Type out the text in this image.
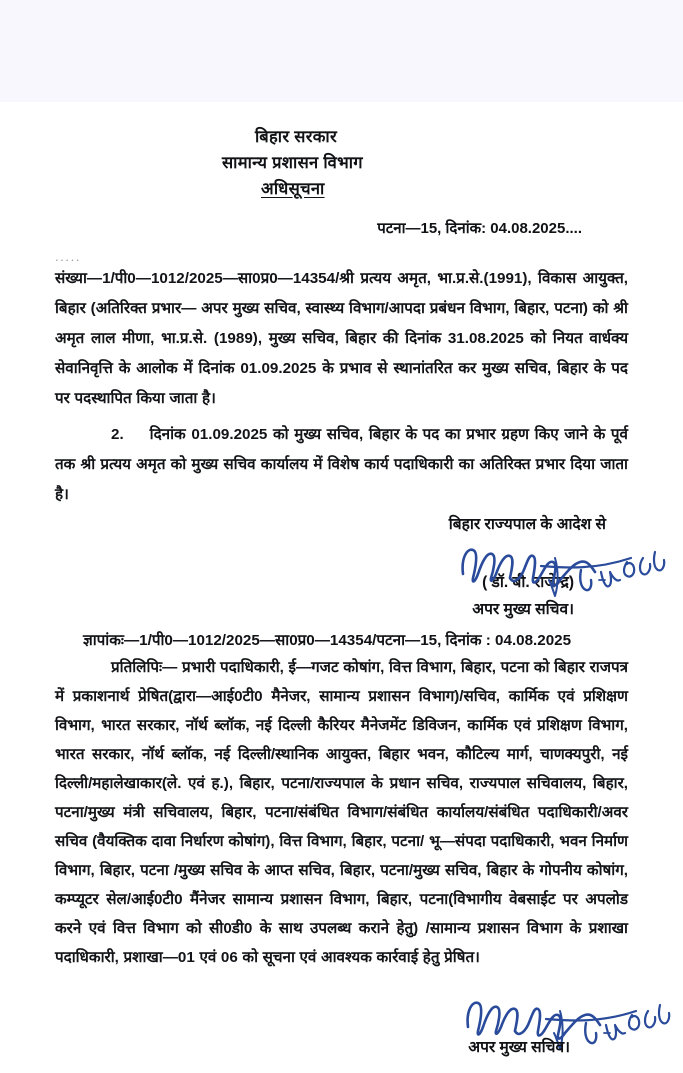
बिहार सरकार
सामान्य प्रशासन विभाग
अधिसूचना
पटना—15, दिनांक: 04.08.2025....
.....

संख्या—1/पी0—1012/2025—सा0प्र0—14354/श्री प्रत्यय अमृत, भा.प्र.से.(1991), विकास आयुक्त, बिहार (अतिरिक्त प्रभार— अपर मुख्य सचिव, स्वास्थ्य विभाग/आपदा प्रबंधन विभाग, बिहार, पटना) को श्री अमृत लाल मीणा, भा.प्र.से. (1989), मुख्य सचिव, बिहार की दिनांक 31.08.2025 को नियत वार्धक्य सेवानिवृत्ति के आलोक में दिनांक 01.09.2025 के प्रभाव से स्थानांतरित कर मुख्य सचिव, बिहार के पद पर पदस्थापित किया जाता है।

2. दिनांक 01.09.2025 को मुख्य सचिव, बिहार के पद का प्रभार ग्रहण किए जाने के पूर्व तक श्री प्रत्यय अमृत को मुख्य सचिव कार्यालय में विशेष कार्य पदाधिकारी का अतिरिक्त प्रभार दिया जाता है।

बिहार राज्यपाल के आदेश से
( डॉ. बी. राजेन्द्र)
अपर मुख्य सचिव।
ज्ञापांकः—1/पी0—1012/2025—सा0प्र0—14354/पटना—15, दिनांक : 04.08.2025

प्रतिलिपिः— प्रभारी पदाधिकारी, ई—गजट कोषांग, वित्त विभाग, बिहार, पटना को बिहार राजपत्र में प्रकाशनार्थ प्रेषित(द्वारा—आई0टी0 मैनेजर, सामान्य प्रशासन विभाग)/सचिव, कार्मिक एवं प्रशिक्षण विभाग, भारत सरकार, नॉर्थ ब्लॉक, नई दिल्ली कैरियर मैनेजमेंट डिविजन, कार्मिक एवं प्रशिक्षण विभाग, भारत सरकार, नॉर्थ ब्लॉक, नई दिल्ली/स्थानिक आयुक्त, बिहार भवन, कौटिल्य मार्ग, चाणक्यपुरी, नई दिल्ली/महालेखाकार(ले. एवं ह.), बिहार, पटना/राज्यपाल के प्रधान सचिव, राज्यपाल सचिवालय, बिहार, पटना/मुख्य मंत्री सचिवालय, बिहार, पटना/संबंधित विभाग/संबंधित कार्यालय/संबंधित पदाधिकारी/अवर सचिव (वैयक्तिक दावा निर्धारण कोषांग), वित्त विभाग, बिहार, पटना/ भू—संपदा पदाधिकारी, भवन निर्माण विभाग, बिहार, पटना /मुख्य सचिव के आप्त सचिव, बिहार, पटना/मुख्य सचिव, बिहार के गोपनीय कोषांग, कम्प्यूटर सेल/आई0टी0 मैंनेजर सामान्य प्रशासन विभाग, बिहार, पटना(विभागीय वेबसाईट पर अपलोड करने एवं वित्त विभाग को सी0डी0 के साथ उपलब्ध कराने हेतु) /सामान्य प्रशासन विभाग के प्रशाखा पदाधिकारी, प्रशाखा—01 एवं 06 को सूचना एवं आवश्यक कार्रवाई हेतु प्रेषित।

अपर मुख्य सचिव।
